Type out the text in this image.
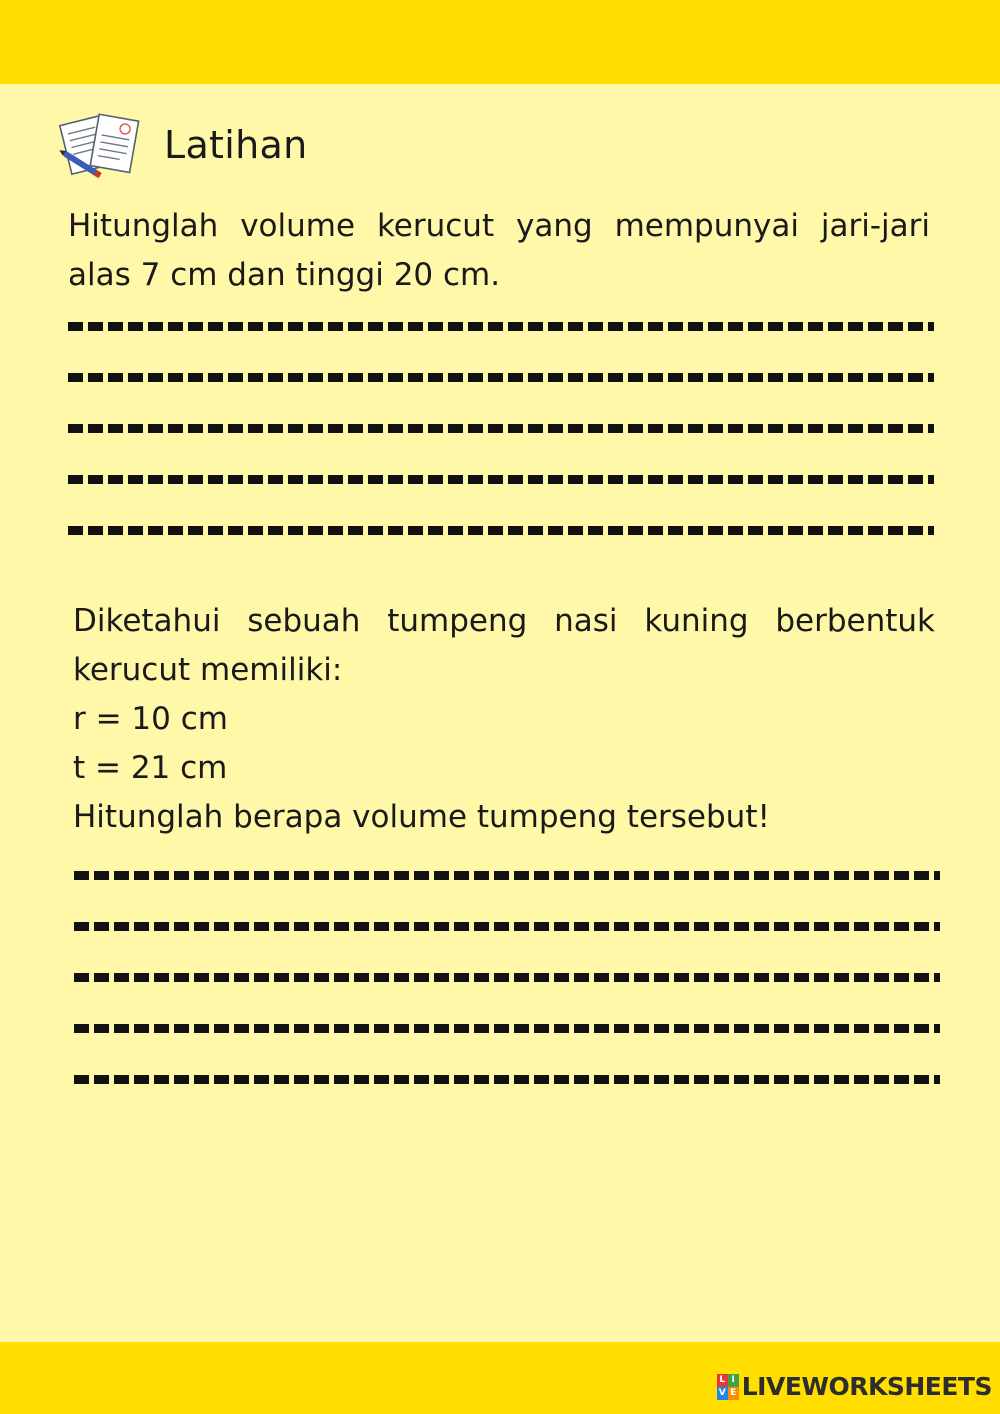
Latihan

Hitunglah volume kerucut yang mempunyai jari-jari alas 7 cm dan tinggi 20 cm.

Diketahui sebuah tumpeng nasi kuning berbentuk
kerucut memiliki:
r = 10 cm
t = 21 cm
Hitunglah berapa volume tumpeng tersebut!
L I
V E LIVEWORKSHEETS
